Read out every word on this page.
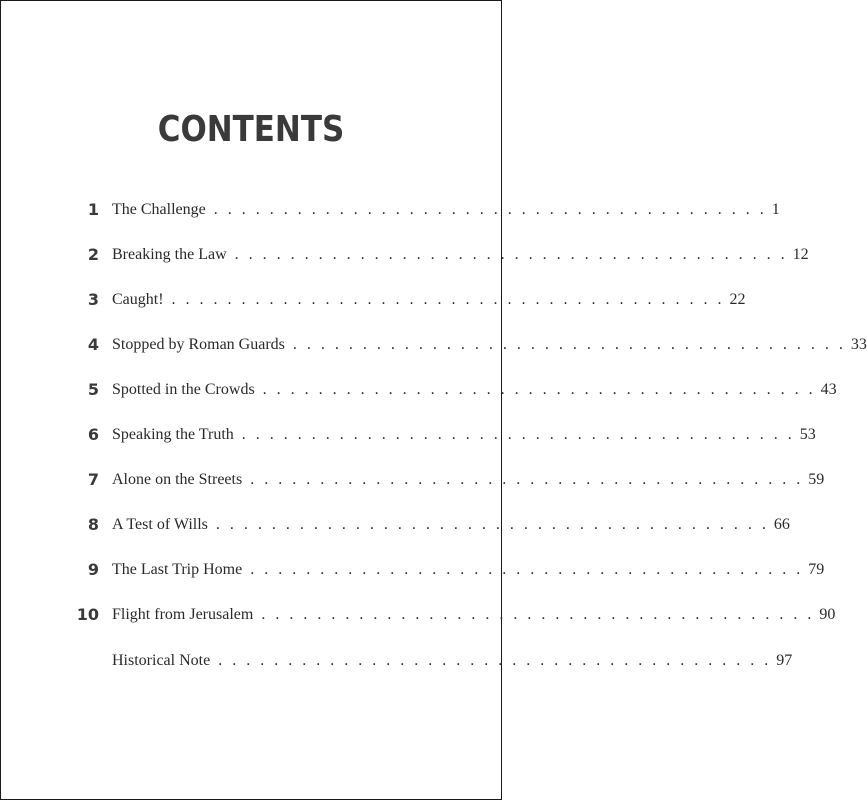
CONTENTS
1 The Challenge . . . . . . . . . . . . . . . . . . . . . . . . . . . . . . . . . . . . . . . . 1
2 Breaking the Law . . . . . . . . . . . . . . . . . . . . . . . . . . . . . . . . . . . . . . . . 12
3 Caught! . . . . . . . . . . . . . . . . . . . . . . . . . . . . . . . . . . . . . . . . 22
4 Stopped by Roman Guards . . . . . . . . . . . . . . . . . . . . . . . . . . . . . . . . . . . . . . . . 33
5 Spotted in the Crowds . . . . . . . . . . . . . . . . . . . . . . . . . . . . . . . . . . . . . . . . 43
6 Speaking the Truth . . . . . . . . . . . . . . . . . . . . . . . . . . . . . . . . . . . . . . . . 53
7 Alone on the Streets . . . . . . . . . . . . . . . . . . . . . . . . . . . . . . . . . . . . . . . . 59
8 A Test of Wills . . . . . . . . . . . . . . . . . . . . . . . . . . . . . . . . . . . . . . . . 66
9 The Last Trip Home . . . . . . . . . . . . . . . . . . . . . . . . . . . . . . . . . . . . . . . . 79
10 Flight from Jerusalem . . . . . . . . . . . . . . . . . . . . . . . . . . . . . . . . . . . . . . . . 90
Historical Note . . . . . . . . . . . . . . . . . . . . . . . . . . . . . . . . . . . . . . . . 97
